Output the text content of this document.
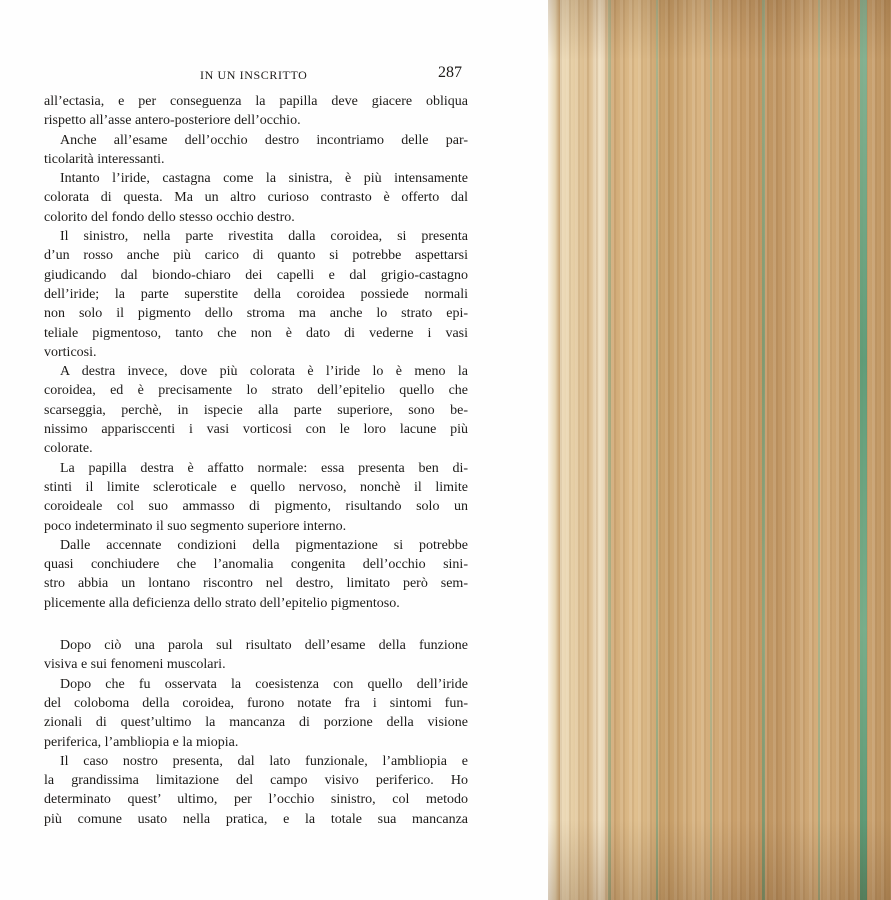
IN UN INSCRITTO	287
all’ectasia, e per conseguenza la papilla deve giacere obliqua
rispetto all’asse antero-posteriore dell’occhio.
Anche all’esame dell’occhio destro incontriamo delle par-
ticolarità interessanti.
Intanto l’iride, castagna come la sinistra, è più intensamente
colorata di questa. Ma un altro curioso contrasto è offerto dal
colorito del fondo dello stesso occhio destro.
Il sinistro, nella parte rivestita dalla coroidea, si presenta
d’un rosso anche più carico di quanto si potrebbe aspettarsi
giudicando dal biondo-chiaro dei capelli e dal grigio-castagno
dell’iride; la parte superstite della coroidea possiede normali
non solo il pigmento dello stroma ma anche lo strato epi-
teliale pigmentoso, tanto che non è dato di vederne i vasi
vorticosi.
A destra invece, dove più colorata è l’iride lo è meno la
coroidea, ed è precisamente lo strato dell’epitelio quello che
scarseggia, perchè, in ispecie alla parte superiore, sono be-
nissimo apparisccenti i vasi vorticosi con le loro lacune più
colorate.
La papilla destra è affatto normale: essa presenta ben di-
stinti il limite scleroticale e quello nervoso, nonchè il limite
coroideale col suo ammasso di pigmento, risultando solo un
poco indeterminato il suo segmento superiore interno.
Dalle accennate condizioni della pigmentazione si potrebbe
quasi conchiudere che l’anomalia congenita dell’occhio sini-
stro abbia un lontano riscontro nel destro, limitato però sem-
plicemente alla deficienza dello strato dell’epitelio pigmentoso.
Dopo ciò una parola sul risultato dell’esame della funzione
visiva e sui fenomeni muscolari.
Dopo che fu osservata la coesistenza con quello dell’iride
del coloboma della coroidea, furono notate fra i sintomi fun-
zionali di quest’ultimo la mancanza di porzione della visione
periferica, l’ambliopia e la miopia.
Il caso nostro presenta, dal lato funzionale, l’ambliopia e
la grandissima limitazione del campo visivo periferico. Ho
determinato quest’ ultimo, per l’occhio sinistro, col metodo
più comune usato nella pratica, e la totale sua mancanza
